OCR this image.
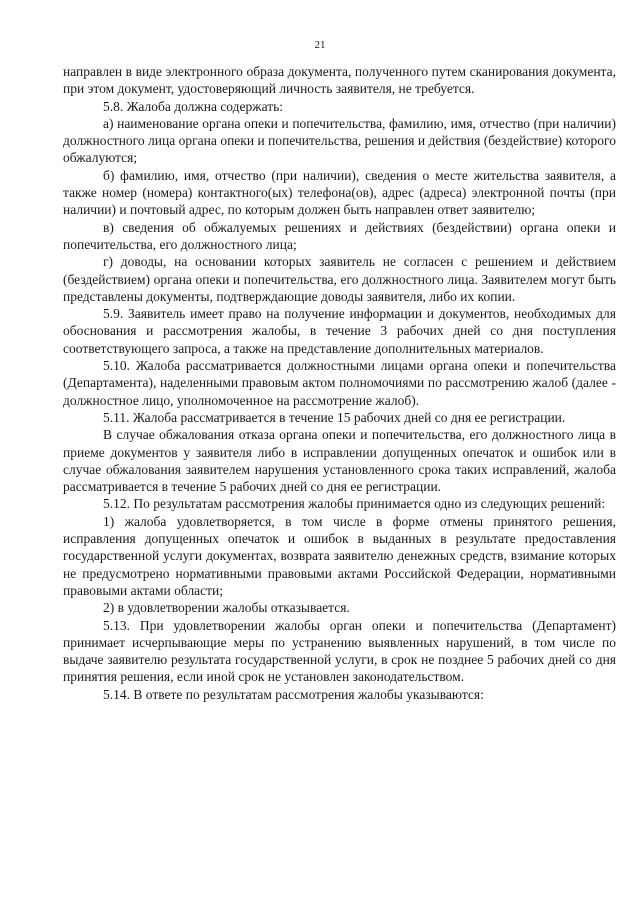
21

направлен в виде электронного образа документа, полученного путем сканирования документа, при этом документ, удостоверяющий личность заявителя, не требуется.

5.8. Жалоба должна содержать:

а) наименование органа опеки и попечительства, фамилию, имя, отчество (при наличии) должностного лица органа опеки и попечительства, решения и действия (бездействие) которого обжалуются;

б) фамилию, имя, отчество (при наличии), сведения о месте жительства заявителя, а также номер (номера) контактного(ых) телефона(ов), адрес (адреса) электронной почты (при наличии) и почтовый адрес, по которым должен быть направлен ответ заявителю;

в) сведения об обжалуемых решениях и действиях (бездействии) органа опеки и попечительства, его должностного лица;

г) доводы, на основании которых заявитель не согласен с решением и действием (бездействием) органа опеки и попечительства, его должностного лица. Заявителем могут быть представлены документы, подтверждающие доводы заявителя, либо их копии.

5.9. Заявитель имеет право на получение информации и документов, необходимых для обоснования и рассмотрения жалобы, в течение 3 рабочих дней со дня поступления соответствующего запроса, а также на представление дополнительных материалов.

5.10. Жалоба рассматривается должностными лицами органа опеки и попечительства (Департамента), наделенными правовым актом полномочиями по рассмотрению жалоб (далее - должностное лицо, уполномоченное на рассмотрение жалоб).

5.11. Жалоба рассматривается в течение 15 рабочих дней со дня ее регистрации.

В случае обжалования отказа органа опеки и попечительства, его должностного лица в приеме документов у заявителя либо в исправлении допущенных опечаток и ошибок или в случае обжалования заявителем нарушения установленного срока таких исправлений, жалоба рассматривается в течение 5 рабочих дней со дня ее регистрации.

5.12. По результатам рассмотрения жалобы принимается одно из следующих решений:

1) жалоба удовлетворяется, в том числе в форме отмены принятого решения, исправления допущенных опечаток и ошибок в выданных в результате предоставления государственной услуги документах, возврата заявителю денежных средств, взимание которых не предусмотрено нормативными правовыми актами Российской Федерации, нормативными правовыми актами области;

2) в удовлетворении жалобы отказывается.

5.13. При удовлетворении жалобы орган опеки и попечительства (Департамент) принимает исчерпывающие меры по устранению выявленных нарушений, в том числе по выдаче заявителю результата государственной услуги, в срок не позднее 5 рабочих дней со дня принятия решения, если иной срок не установлен законодательством.

5.14. В ответе по результатам рассмотрения жалобы указываются:
